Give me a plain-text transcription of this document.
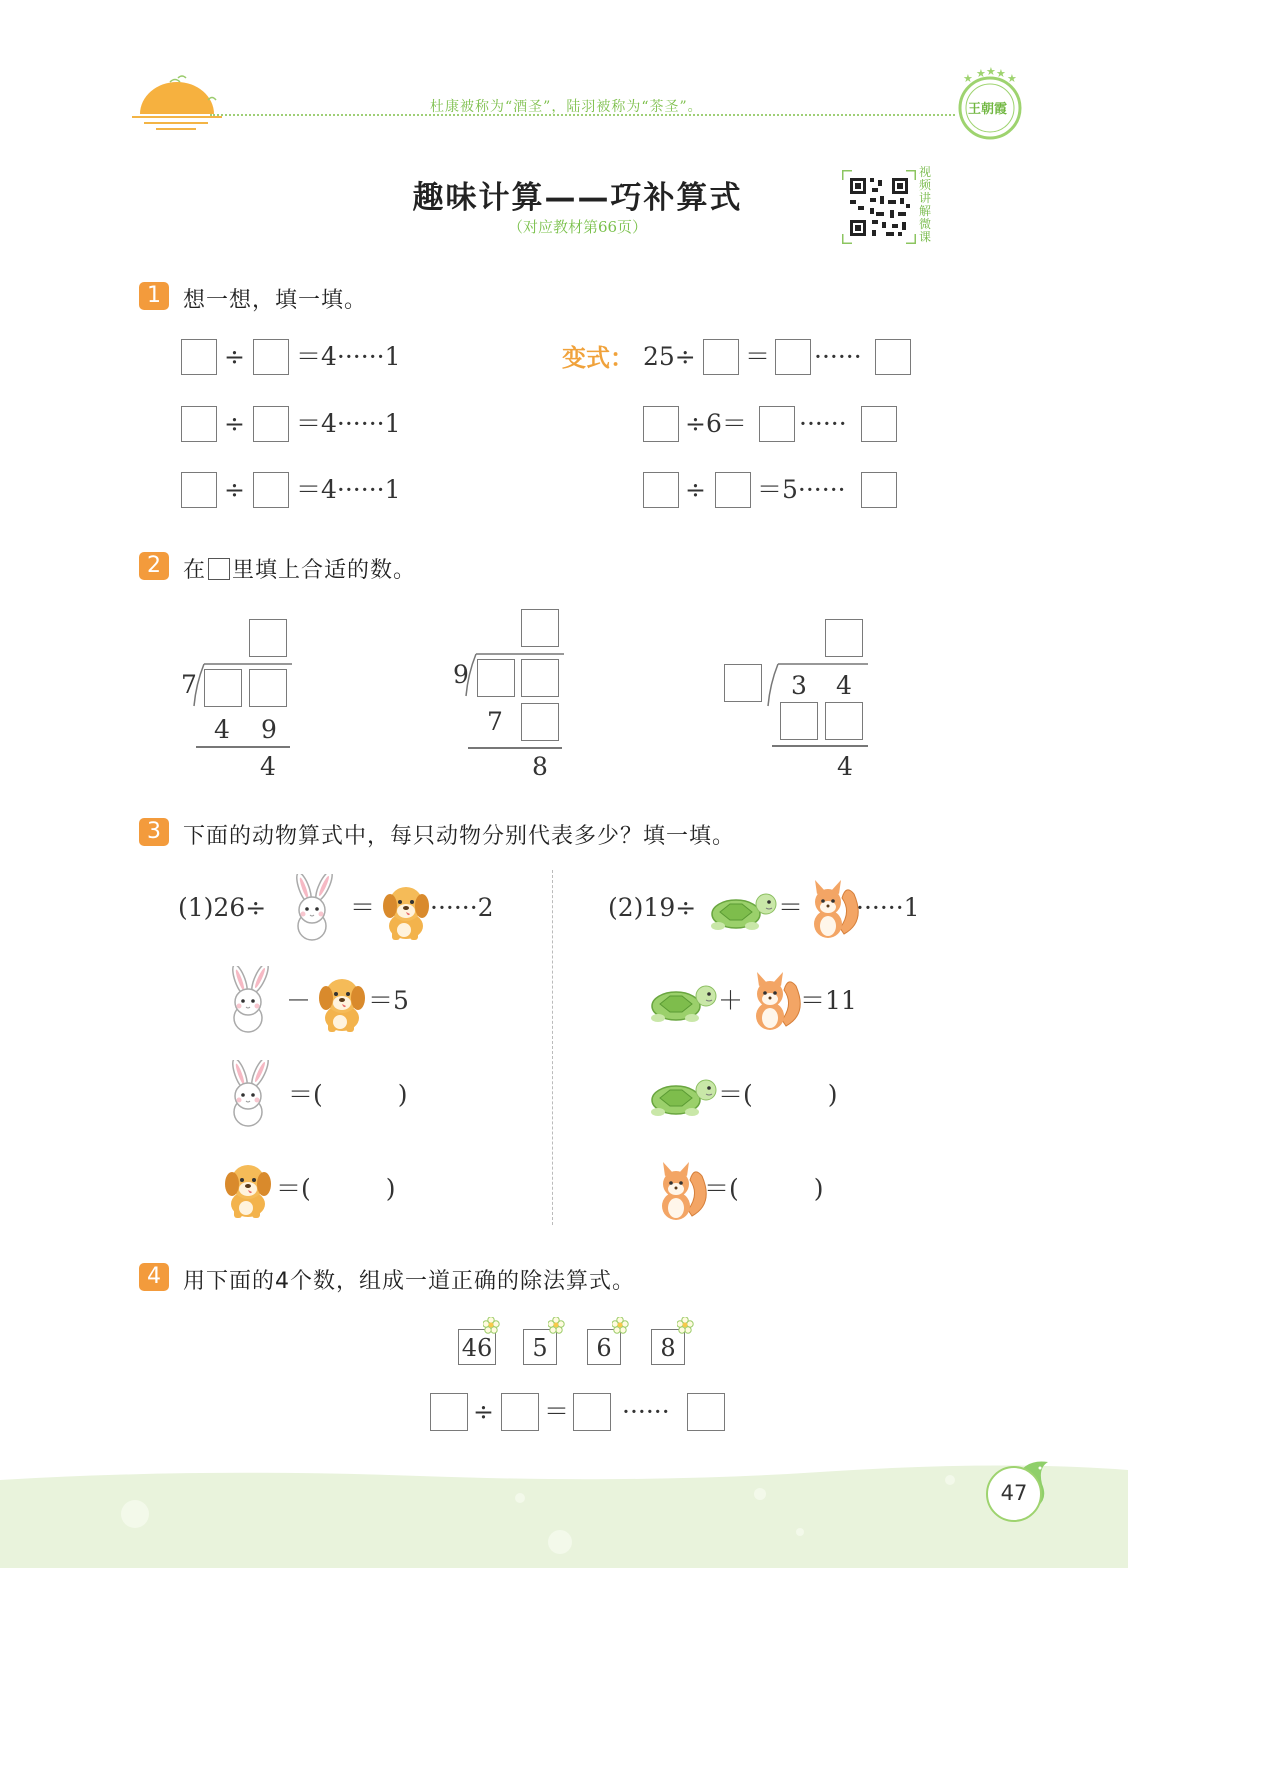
杜康被称为“酒圣”，陆羽被称为“茶圣”。
★ ★ ★ ★ ★
王朝霞
趣味计算——巧补算式
（对应教材第66页）
视频讲解微课
1	想一想，填一填。
÷ ＝4······1
÷ ＝4······1
÷ ＝4······1
变式： 25÷ ＝ ······
÷6＝ ······
÷ ＝5······
2	在 里填上合适的数。
7
4 9
4
9
7
8
3 4
4
3	下面的动物算式中，每只动物分别代表多少？填一填。
(1)26÷	＝ ······2
－ ＝5
＝(　　　)
＝(　　　)
(2)19÷	＝ ······1
＋ ＝11
＝(　　　)
＝(　　　)
4	用下面的4个数，组成一道正确的除法算式。
46	5	6	8
÷ ＝ ······
47
